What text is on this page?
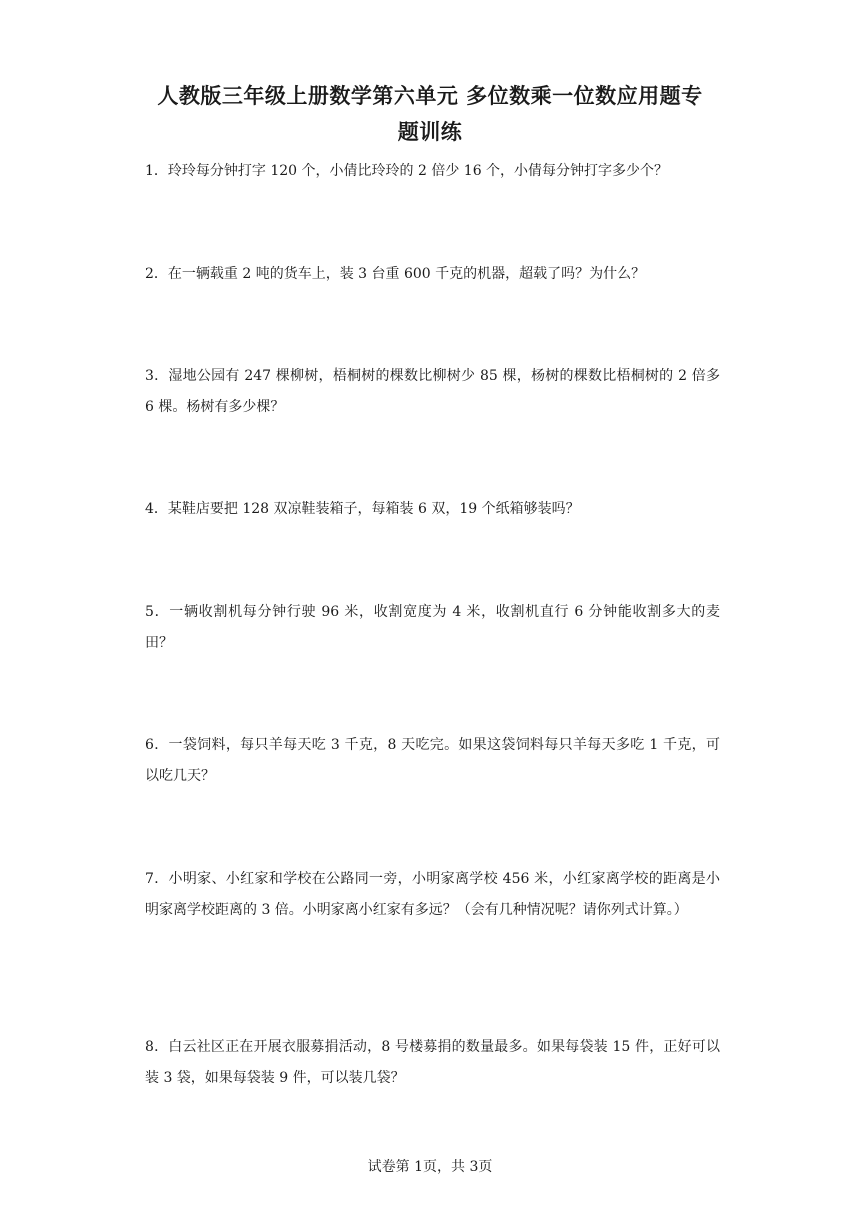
人教版三年级上册数学第六单元 多位数乘一位数应用题专
题训练

1．玲玲每分钟打字 120 个，小倩比玲玲的 2 倍少 16 个，小倩每分钟打字多少个？

2．在一辆载重 2 吨的货车上，装 3 台重 600 千克的机器，超载了吗？为什么？

3．湿地公园有 247 棵柳树，梧桐树的棵数比柳树少 85 棵，杨树的棵数比梧桐树的 2 倍多 6 棵。杨树有多少棵？

4．某鞋店要把 128 双凉鞋装箱子，每箱装 6 双，19 个纸箱够装吗？

5．一辆收割机每分钟行驶 96 米，收割宽度为 4 米，收割机直行 6 分钟能收割多大的麦田？

6．一袋饲料，每只羊每天吃 3 千克，8 天吃完。如果这袋饲料每只羊每天多吃 1 千克，可以吃几天？

7．小明家、小红家和学校在公路同一旁，小明家离学校 456 米，小红家离学校的距离是小明家离学校距离的 3 倍。小明家离小红家有多远？（会有几种情况呢？请你列式计算。）

8．白云社区正在开展衣服募捐活动，8 号楼募捐的数量最多。如果每袋装 15 件，正好可以装 3 袋，如果每袋装 9 件，可以装几袋？

试卷第 1页，共 3页
